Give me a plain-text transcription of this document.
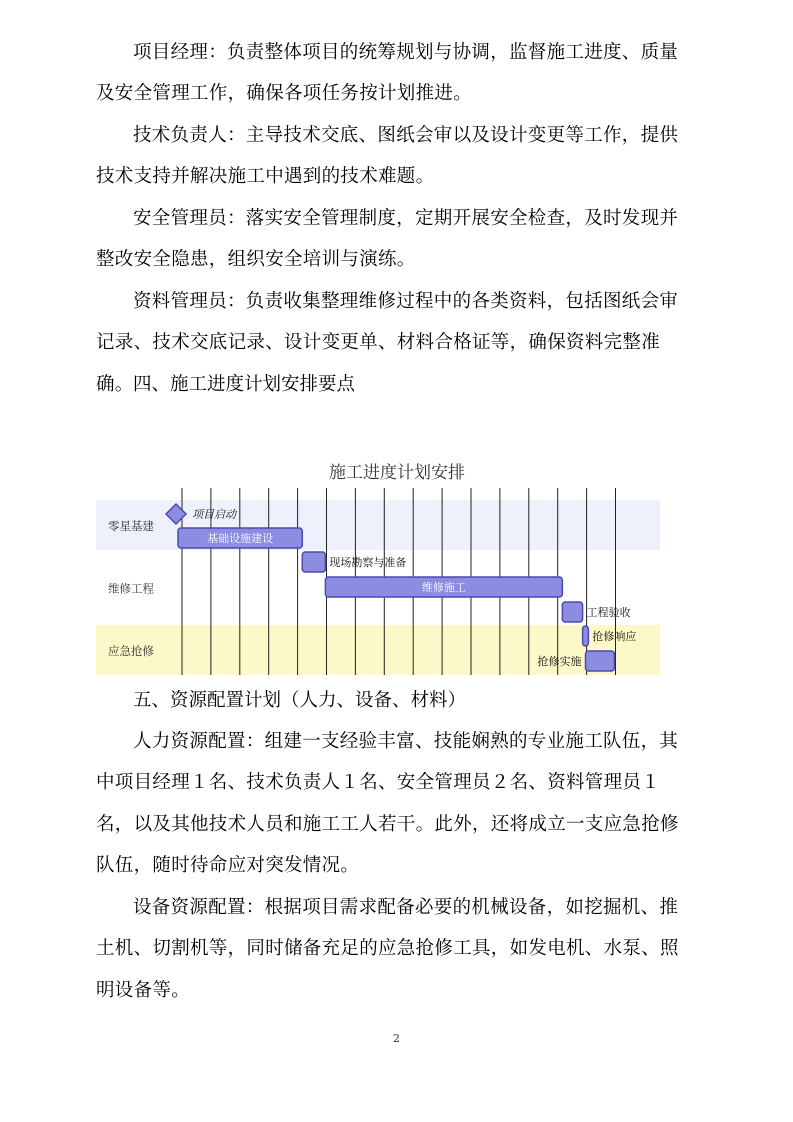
项目经理：负责整体项目的统筹规划与协调，监督施工进度、质量及安全管理工作，确保各项任务按计划推进。

技术负责人：主导技术交底、图纸会审以及设计变更等工作，提供技术支持并解决施工中遇到的技术难题。

安全管理员：落实安全管理制度，定期开展安全检查，及时发现并整改安全隐患，组织安全培训与演练。

资料管理员：负责收集整理维修过程中的各类资料，包括图纸会审记录、技术交底记录、设计变更单、材料合格证等，确保资料完整准确。 四、施工进度计划安排要点

施工进度计划安排
零星基建
维修工程
应急抢修
项目启动
基础设施建设
现场勘察与准备
维修施工
工程验收
抢修响应
抢修实施

五、资源配置计划（人力、设备、材料）

人力资源配置：组建一支经验丰富、技能娴熟的专业施工队伍，其中项目经理１名、技术负责人１名、安全管理员２名、资料管理员１名，以及其他技术人员和施工工人若干。此外，还将成立一支应急抢修队伍，随时待命应对突发情况。

设备资源配置：根据项目需求配备必要的机械设备，如挖掘机、推土机、切割机等，同时储备充足的应急抢修工具，如发电机、水泵、照明设备等。

2
